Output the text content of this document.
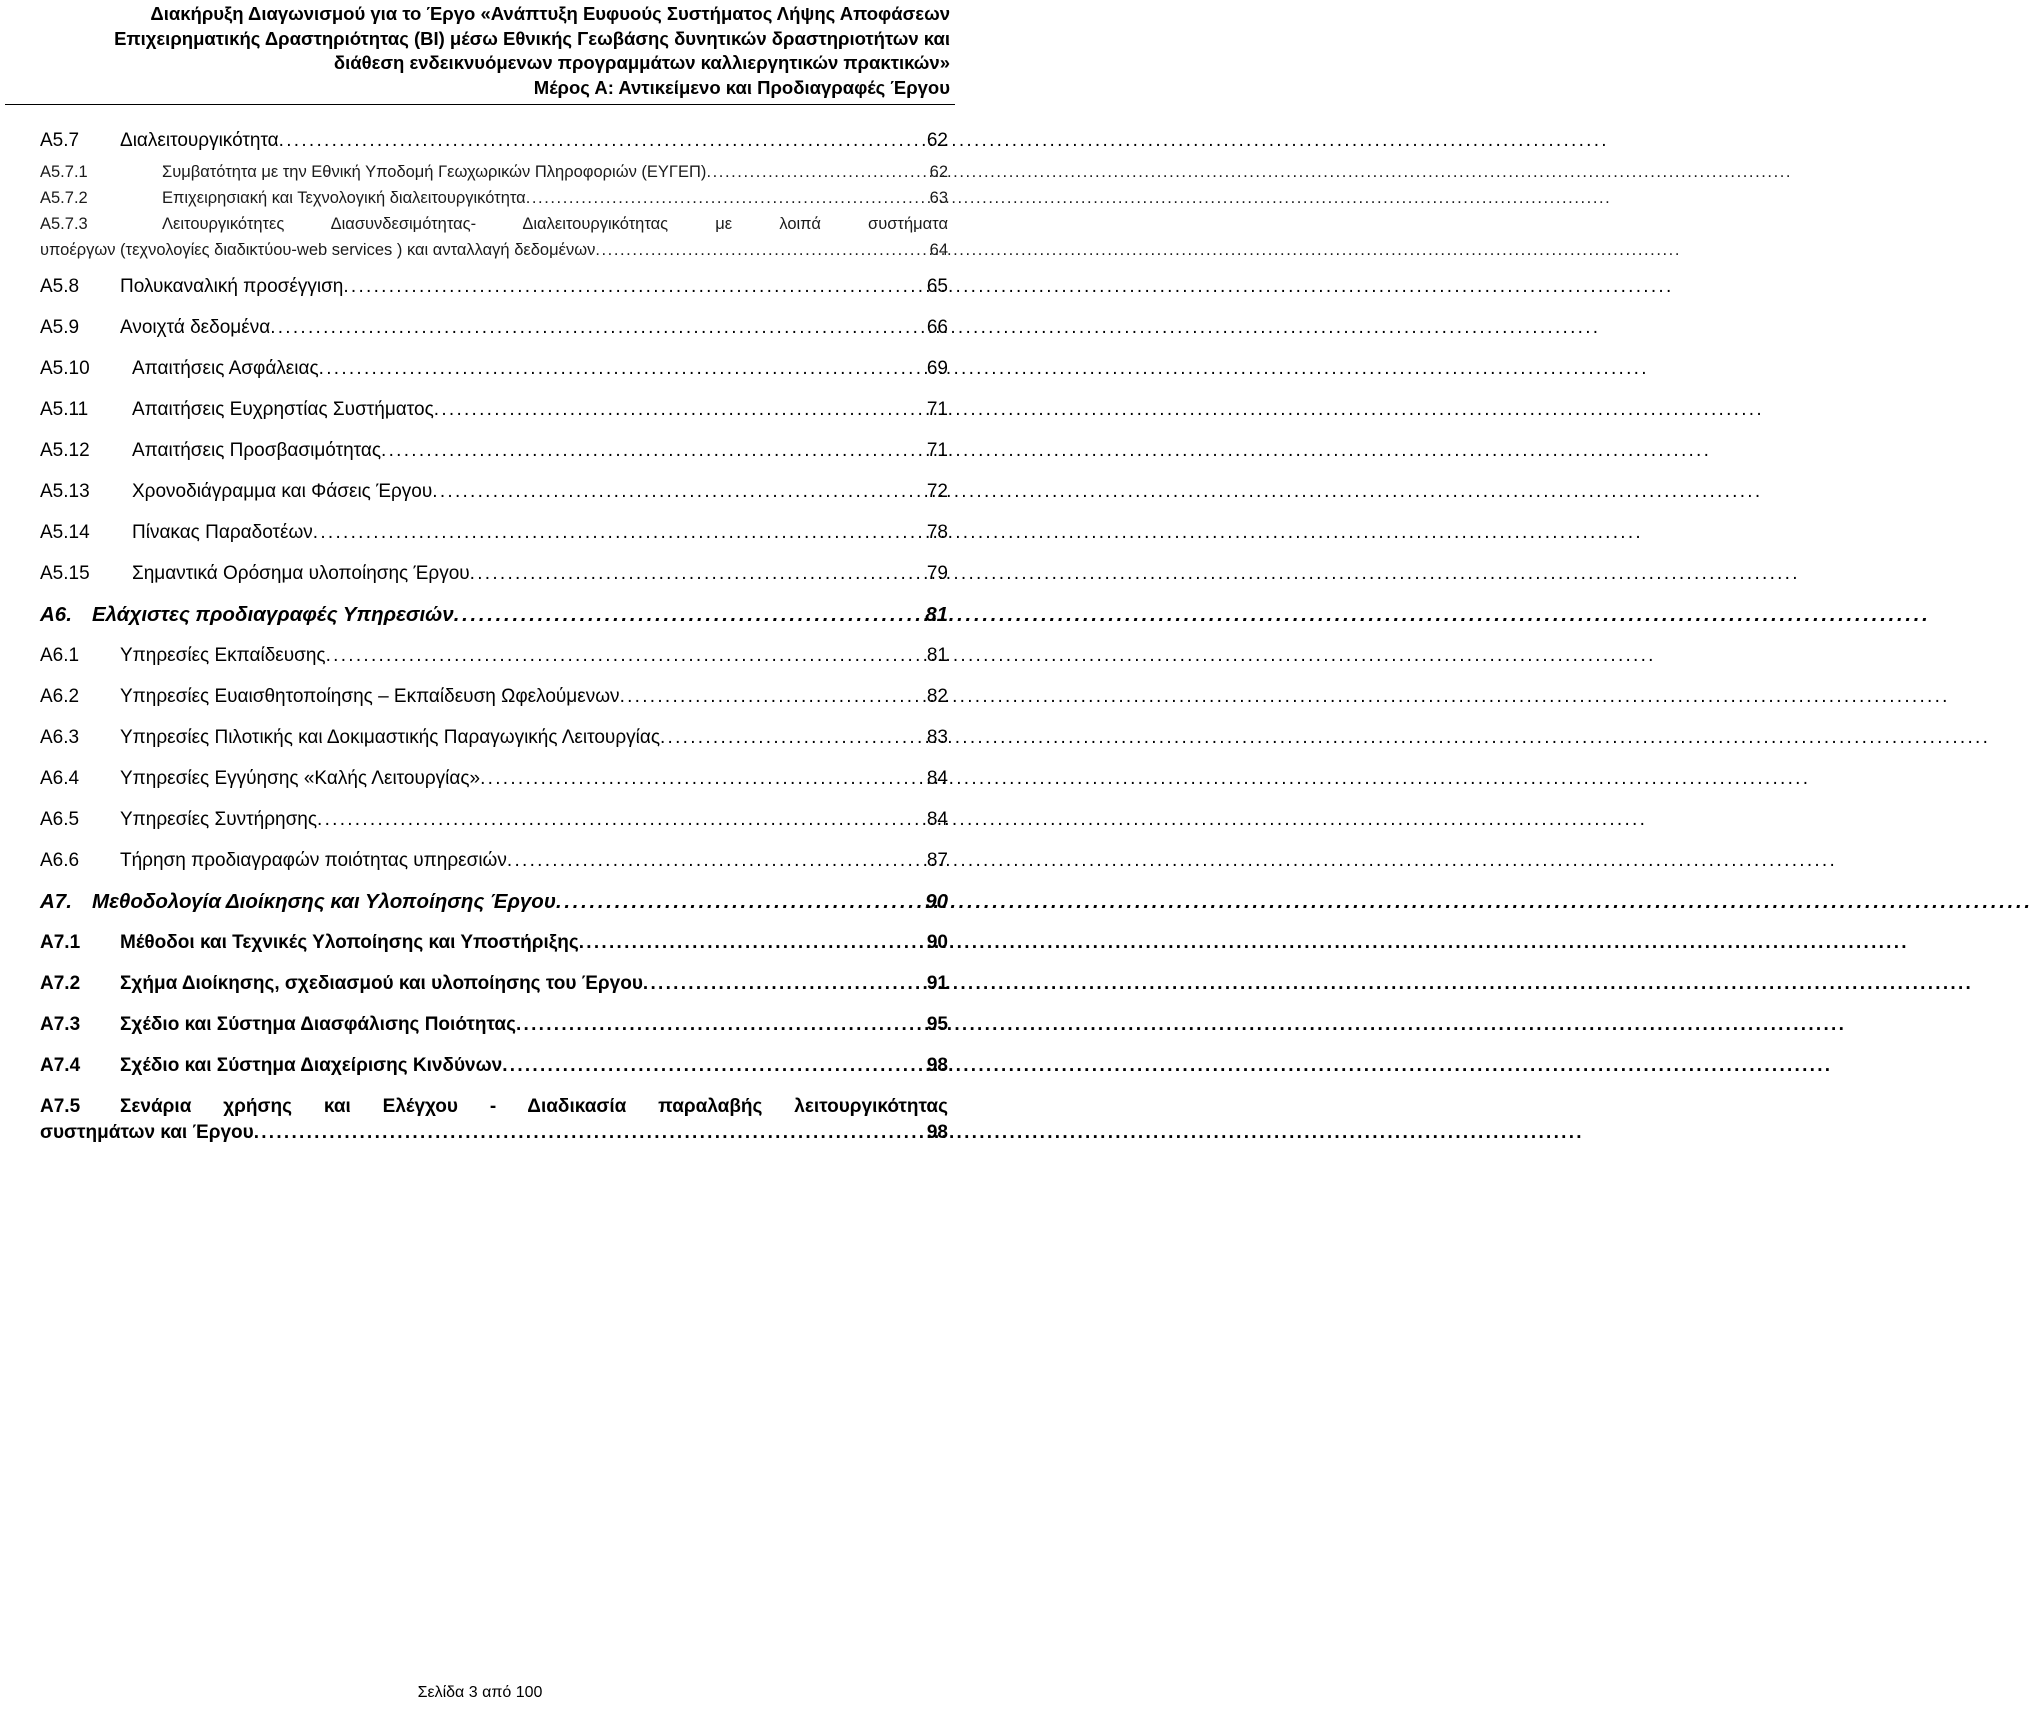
Διακήρυξη Διαγωνισμού για το Έργο «Ανάπτυξη Ευφυούς Συστήματος Λήψης Αποφάσεων
Επιχειρηματικής Δραστηριότητας (BI) μέσω Εθνικής Γεωβάσης δυνητικών δραστηριοτήτων και
διάθεση ενδεικνυόμενων προγραμμάτων καλλιεργητικών πρακτικών»
Μέρος Α: Αντικείμενο και Προδιαγραφές Έργου
Α5.7	Διαλειτουργικότητα . . .	62
Α5.7.1	Συμβατότητα με την Εθνική Υποδομή Γεωχωρικών Πληροφοριών (ΕΥΓΕΠ) . . .	62
Α5.7.2	Επιχειρησιακή και Τεχνολογική διαλειτουργικότητα . . .	63
Α5.7.3	Λειτουργικότητες Διασυνδεσιμότητας- Διαλειτουργικότητας με λοιπά συστήματα
υποέργων (τεχνολογίες διαδικτύου-web services ) και ανταλλαγή δεδομένων . . .	64
Α5.8	Πολυκαναλική προσέγγιση . . .	65
Α5.9	Ανοιχτά δεδομένα . . .	66
Α5.10	Απαιτήσεις Ασφάλειας . . .	69
Α5.11	Απαιτήσεις Ευχρηστίας Συστήματος . . .	71
Α5.12	Απαιτήσεις Προσβασιμότητας . . .	71
Α5.13	Χρονοδιάγραμμα και Φάσεις Έργου . . .	72
Α5.14	Πίνακας Παραδοτέων . . .	78
Α5.15	Σημαντικά Ορόσημα υλοποίησης Έργου . . .	79
Α6. Ελάχιστες προδιαγραφές Υπηρεσιών . . .	81
Α6.1	Υπηρεσίες Εκπαίδευσης . . .	81
Α6.2	Υπηρεσίες Ευαισθητοποίησης – Εκπαίδευση Ωφελούμενων . . .	82
Α6.3	Υπηρεσίες Πιλοτικής και Δοκιμαστικής Παραγωγικής Λειτουργίας . . .	83
Α6.4	Υπηρεσίες Εγγύησης «Καλής Λειτουργίας» . . .	84
Α6.5	Υπηρεσίες Συντήρησης . . .	84
Α6.6	Τήρηση προδιαγραφών ποιότητας υπηρεσιών . . .	87
Α7. Μεθοδολογία Διοίκησης και Υλοποίησης Έργου . . .	90
Α7.1	Μέθοδοι και Τεχνικές Υλοποίησης και Υποστήριξης . . .	90
Α7.2	Σχήμα Διοίκησης, σχεδιασμού και υλοποίησης του Έργου . . .	91
Α7.3	Σχέδιο και Σύστημα Διασφάλισης Ποιότητας . . .	95
Α7.4	Σχέδιο και Σύστημα Διαχείρισης Κινδύνων . . .	98
Α7.5	Σενάρια χρήσης και Ελέγχου - Διαδικασία παραλαβής λειτουργικότητας
συστημάτων και Έργου . . .	98
Σελίδα 3 από 100
